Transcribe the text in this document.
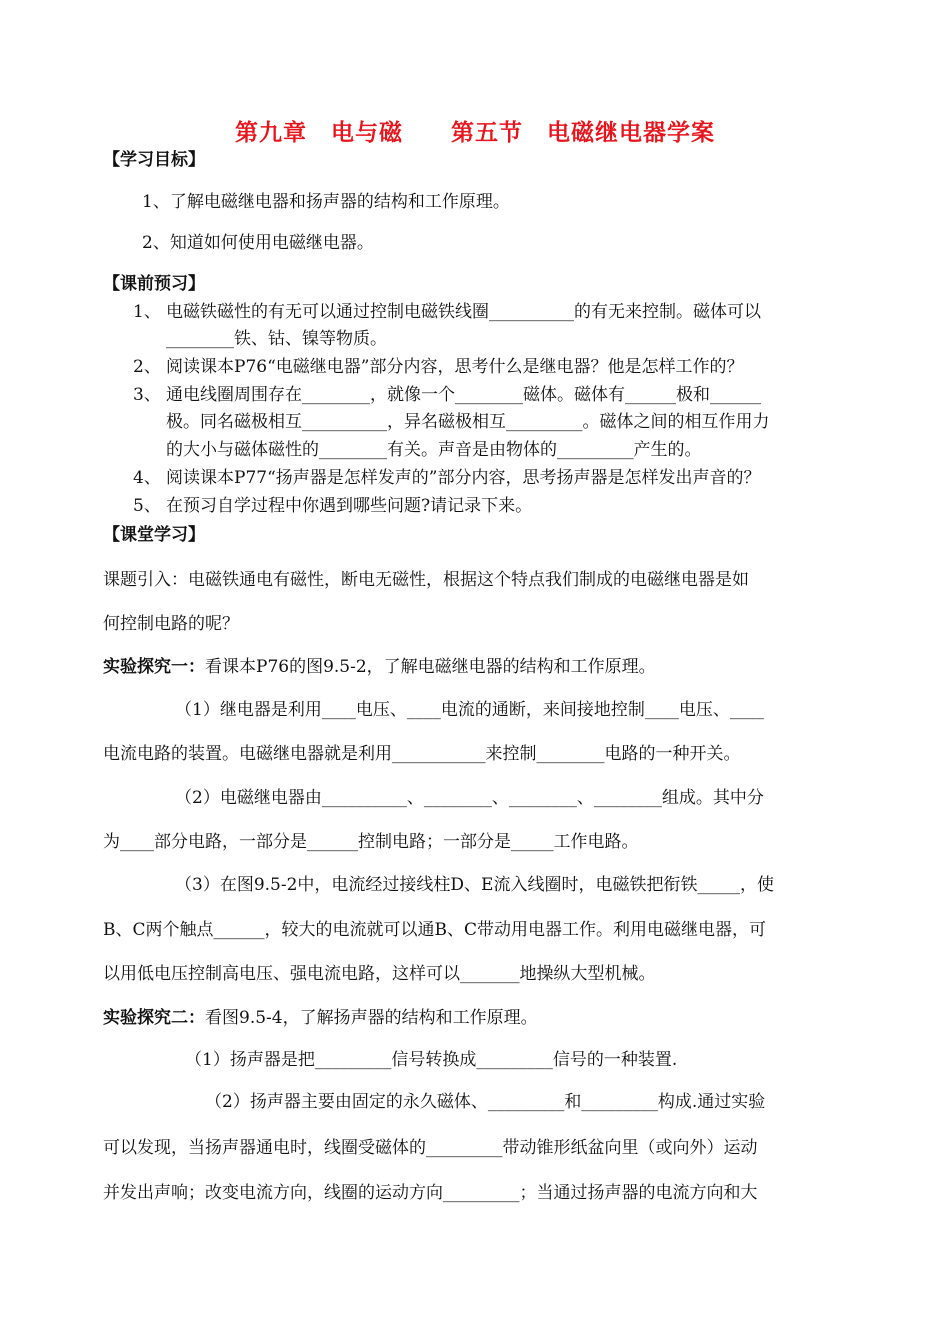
第九章　电与磁　　第五节　电磁继电器学案
【学习目标】
1、了解电磁继电器和扬声器的结构和工作原理。
2、知道如何使用电磁继电器。
【课前预习】
1、 电磁铁磁性的有无可以通过控制电磁铁线圈__________的有无来控制。磁体可以
________铁、钴、镍等物质。
2、 阅读课本P76“电磁继电器”部分内容，思考什么是继电器？他是怎样工作的？
3、 通电线圈周围存在________，就像一个________磁体。磁体有______极和______
极。同名磁极相互__________，异名磁极相互_________。磁体之间的相互作用力
的大小与磁体磁性的________有关。声音是由物体的_________产生的。
4、 阅读课本P77“扬声器是怎样发声的”部分内容，思考扬声器是怎样发出声音的？
5、 在预习自学过程中你遇到哪些问题?请记录下来。
【课堂学习】
课题引入：电磁铁通电有磁性，断电无磁性，根据这个特点我们制成的电磁继电器是如
何控制电路的呢？
实验探究一：看课本P76的图9.5-2，了解电磁继电器的结构和工作原理。
（1）继电器是利用____电压、____电流的通断，来间接地控制____电压、____
电流电路的装置。电磁继电器就是利用___________来控制________电路的一种开关。
（2）电磁继电器由__________、________、________、________组成。其中分
为____部分电路，一部分是______控制电路；一部分是_____工作电路。
（3）在图9.5-2中，电流经过接线柱D、E流入线圈时，电磁铁把衔铁_____，使
B、C两个触点______，较大的电流就可以通B、C带动用电器工作。利用电磁继电器，可
以用低电压控制高电压、强电流电路，这样可以_______地操纵大型机械。
实验探究二：看图9.5-4，了解扬声器的结构和工作原理。
（1）扬声器是把_________信号转换成_________信号的一种装置.
（2）扬声器主要由固定的永久磁体、_________和_________构成.通过实验
可以发现，当扬声器通电时，线圈受磁体的_________带动锥形纸盆向里（或向外）运动
并发出声响；改变电流方向，线圈的运动方向_________；当通过扬声器的电流方向和大
